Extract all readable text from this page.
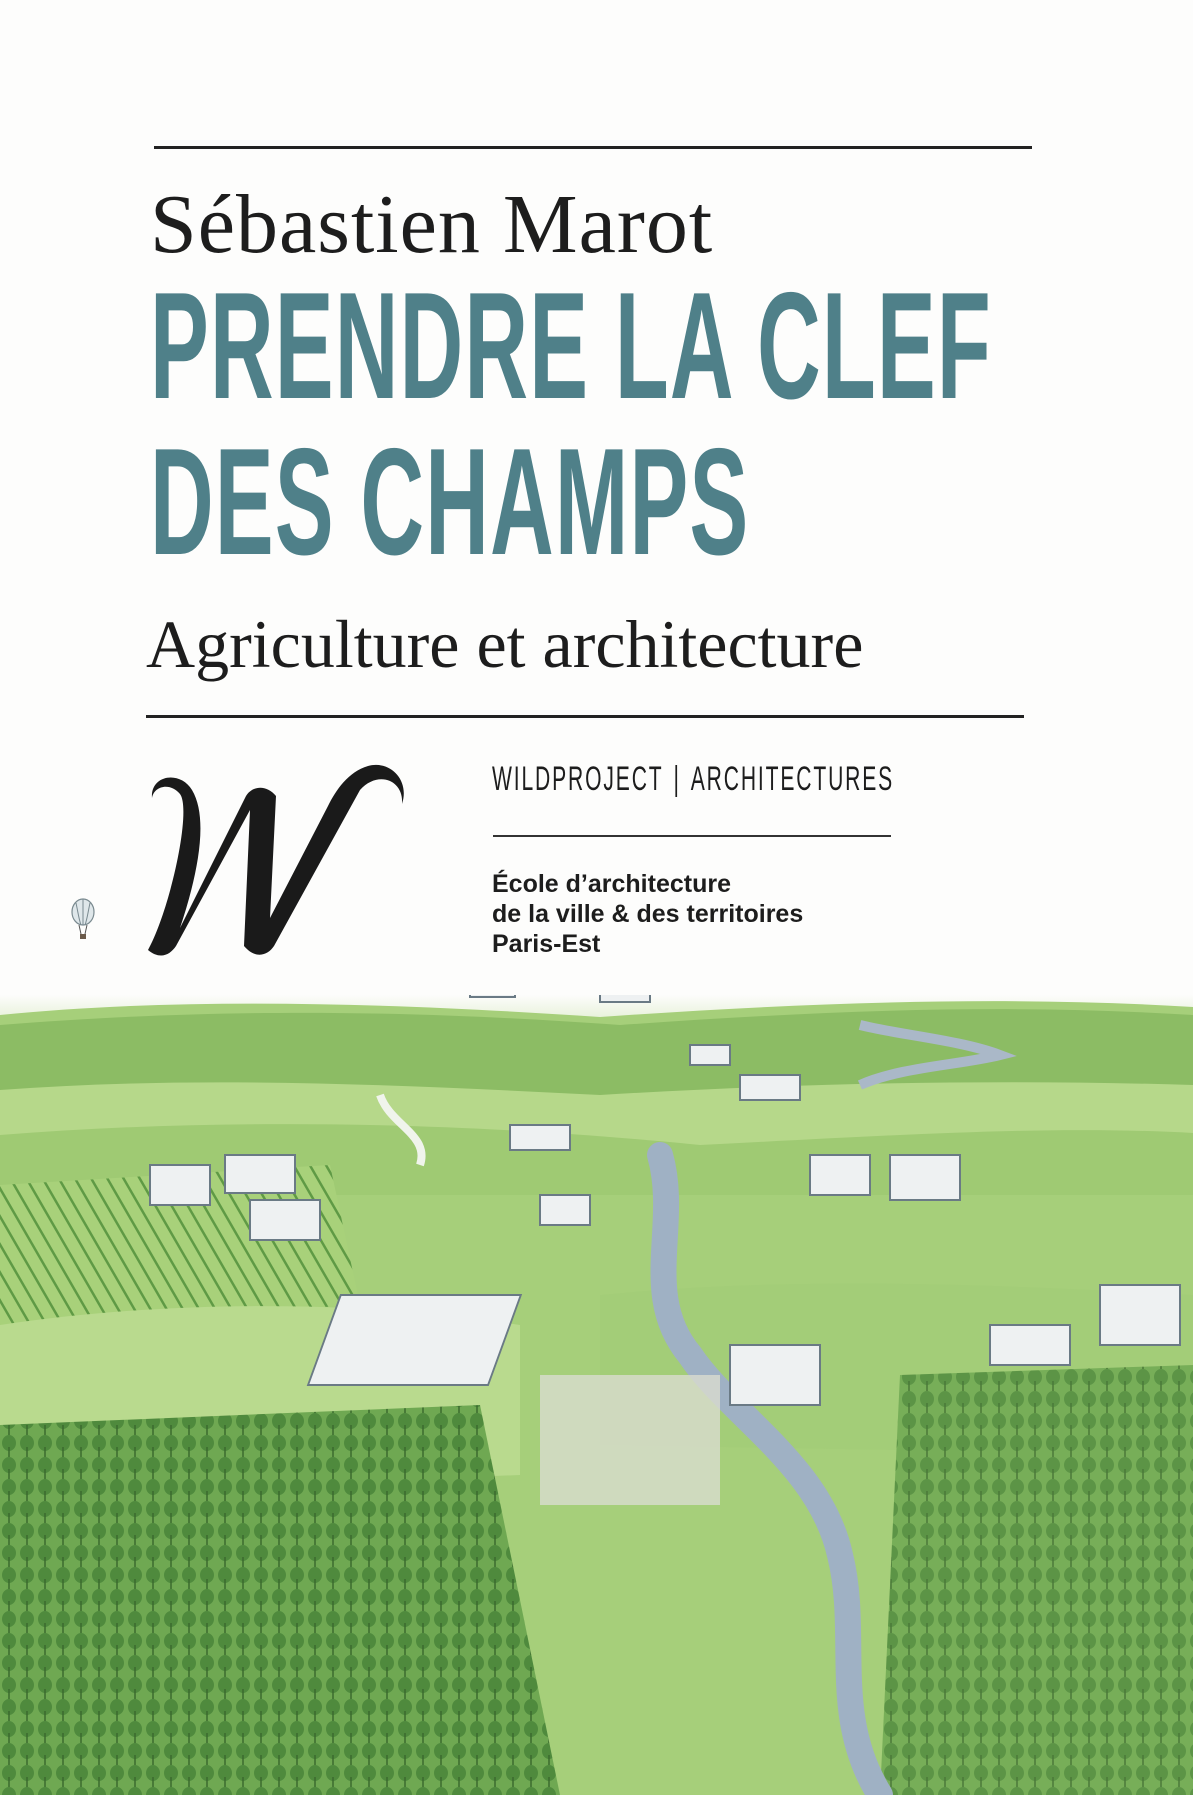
Sébastien Marot
PRENDRE LA CLEF
DES CHAMPS
Agriculture et architecture
WILDPROJECT | ARCHITECTURES
École d’architecture
de la ville & des territoires
Paris-Est
